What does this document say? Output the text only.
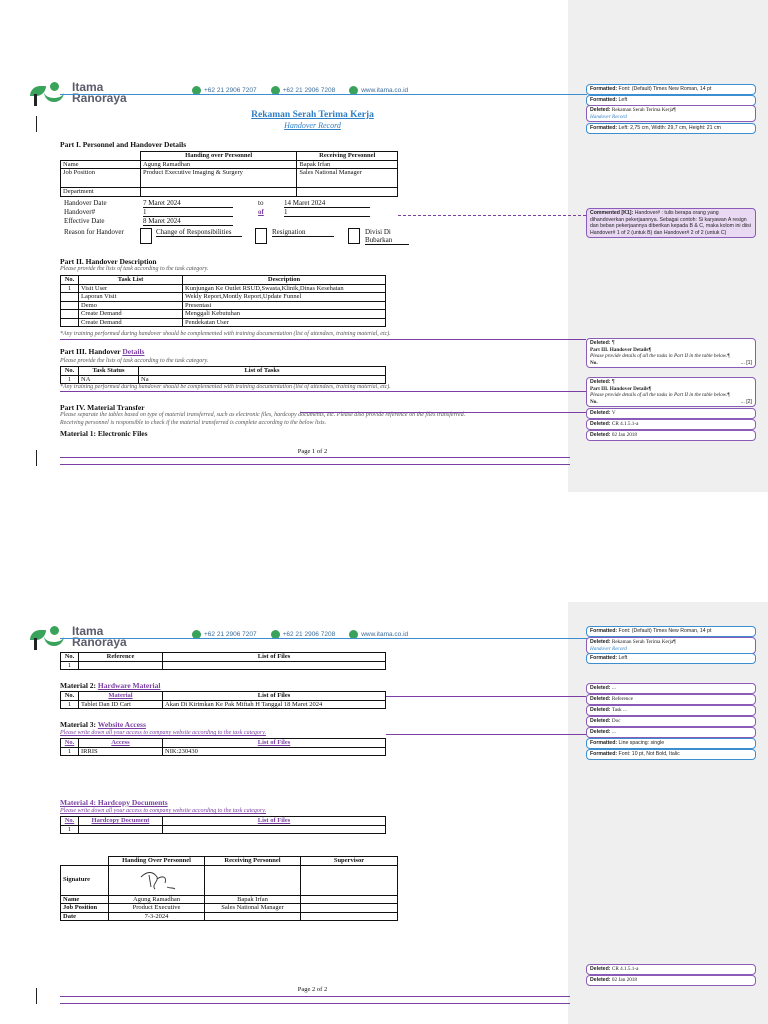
Itama
Ranoraya
+62 21 2906 7207	+62 21 2906 7208	www.itama.co.id
Rekaman Serah Terima Kerja
Handover Record
Part I. Personnel and Handover Details
	Handing over Personnel	Receiving Personnel
Name	Agung Ramadhan	Bapak Irfan
Job Position	Product Executive Imaging & Surgery	Sales National Manager
Department		
Handover Date	7 Maret 2024	to	14 Maret 2024
Handover#	1	of	1
Effective Date	8 Maret 2024
Reason for Handover	Change of Responsibilities	Resignation	Divisi Di Bubarkan
Part II. Handover Description
Please provide the lists of task according to the task category.
No.	Task List	Description
1	Visit User	Kunjungan Ke Outlet RSUD,Swasta,Klinik,Dinas Kesehatan
	Laporan Visit	Wekly Report,Montly Report,Update Funnel
	Demo	Presentasi
	Create Demand	Menggali Kebutuhan
	Create Demand	Pendekatan User
*Any training performed during handover should be complemented with training documentation (list of attendees, training material, etc).
Part III. Handover Details
Please provide the lists of task according to the task category.
No.	Task Status	List of Tasks
1	NA	Na
*Any training performed during handover should be complemented with training documentation (list of attendees, training material, etc).
Part IV. Material Transfer
Please separate the tables based on type of material transferred, such as electronic files, hardcopy documents, etc. Please also provide reference on the files transferred.
Receiving personnel is responsible to check if the material transferred is complete according to the below lists.
Material 1: Electronic Files
Page 1 of 2
Formatted: Font: (Default) Times New Roman, 14 pt
Formatted: Left
Deleted: Rekaman Serah Terima Kerja¶
Handover Record
Formatted: Left: 2,75 cm, Width: 29,7 cm, Height: 21 cm
Commented [K1]: Handover# : tulis berapa orang yang dihandoverkan pekerjaannya. Sebagai contoh: Si karyawan A resign dan beban pekerjaannya diberikan kepada B & C, maka kolom ini diisi Handover# 1 of 2 (untuk B) dan Handover# 2 of 2 (untuk C)
Deleted: ¶
Part III. Handover Details¶
Please provide details of all the tasks in Part II in the table below.¶
No.	... [1]
Deleted: ¶
Part III. Handover Details¶
Please provide details of all the tasks in Part II in the table below.¶
No.	... [2]
Deleted: V
Deleted: CR 4.1.5.1-a
Deleted: 02 Jan 2018
Itama
Ranoraya
+62 21 2906 7207	+62 21 2906 7208	www.itama.co.id
No.	Reference	List of Files
1		
Material 2: Hardware Material
No.	Material	List of Files
1	Tablet Dan ID Cart	Akan Di Kirimkan Ke Pak Miftah H Tanggal 18 Maret 2024
Material 3: Website Access
Please write down all your access to company website according to the task category.
No.	Access	List of Files
1	IRRIS	NIK:230430
Material 4: Hardcopy Documents
Please write down all your access to company website according to the task category.
No.	Hardcopy Document	List of Files
1		
	Handing Over Personnel	Receiving Personnel	Supervisor
Signature	

Name	Agung Ramadhan	Bapak Irfan	
Job Position	Product Executive	Sales National Manager	
Date	7-3-2024		
Page 2 of 2
Formatted: Font: (Default) Times New Roman, 14 pt
Deleted: Rekaman Serah Terima Kerja¶
Handover Record
Formatted: Left
Deleted: ...
Deleted: Reference
Deleted: Task ...
Deleted: Doc
Deleted: ...
Formatted: Line spacing: single
Formatted: Font: 10 pt, Not Bold, Italic
Deleted: CR 4.1.5.1-a
Deleted: 02 Jan 2018
